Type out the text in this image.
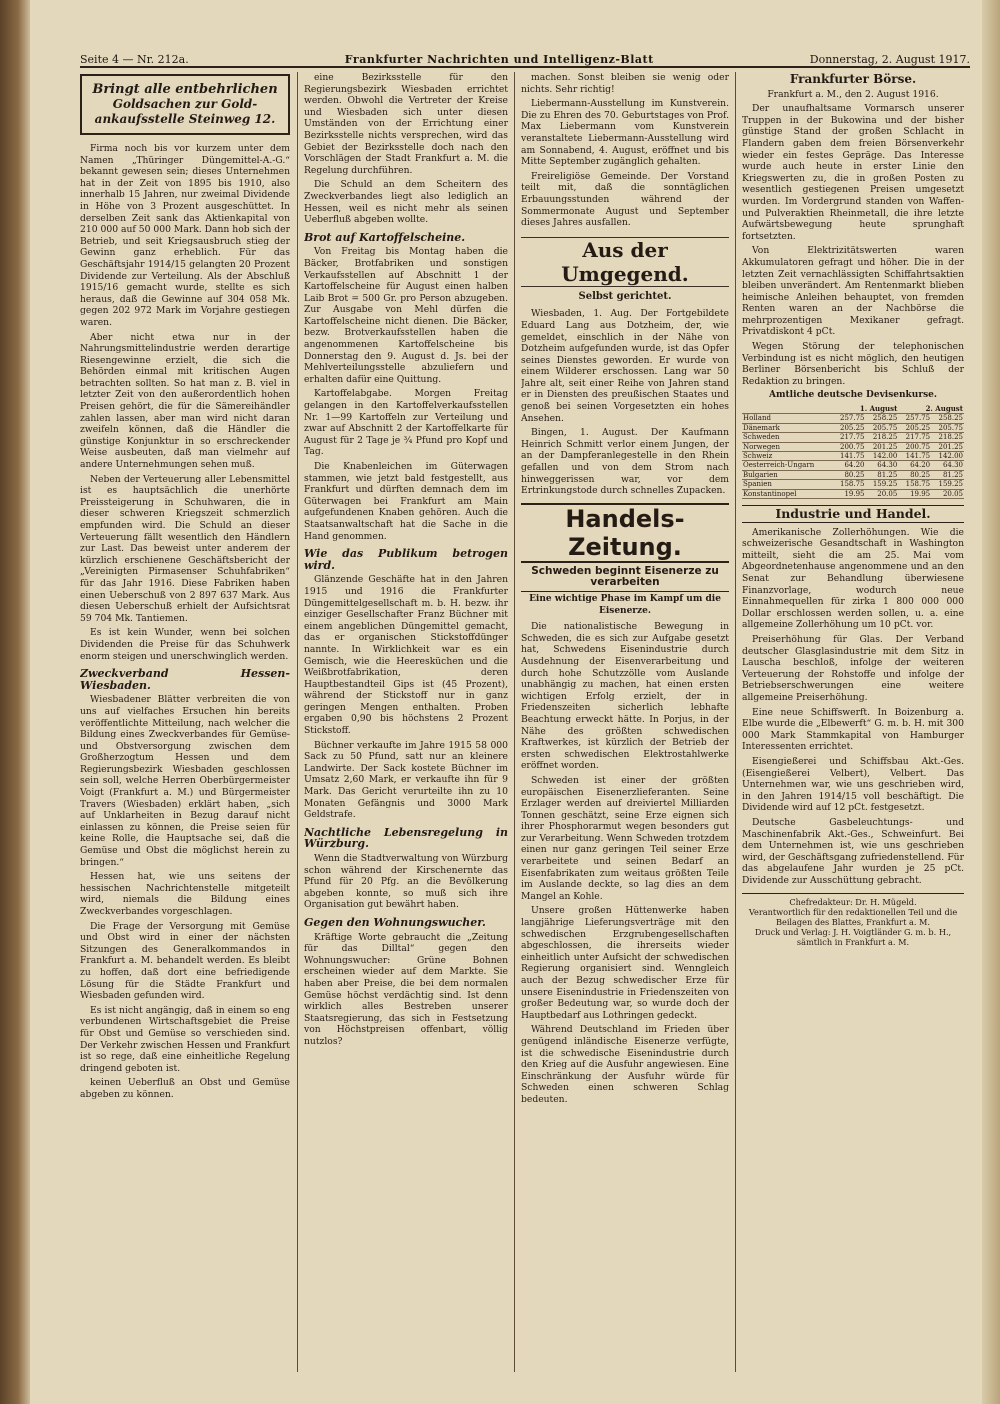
Seite 4 — Nr. 212a.	Frankfurter Nachrichten und Intelligenz-Blatt	Donnerstag, 2. August 1917.
Bringt alle entbehrlichen
Goldsachen zur Gold-
ankaufsstelle Steinweg 12.

Firma noch bis vor kurzem unter dem Namen „Thüringer Düngemittel-A.-G.“ bekannt gewesen sein; dieses Unternehmen hat in der Zeit von 1895 bis 1910, also innerhalb 15 Jahren, nur zweimal Dividende in Höhe von 3 Prozent ausgeschüttet. In derselben Zeit sank das Aktienkapital von 210 000 auf 50 000 Mark. Dann hob sich der Betrieb, und seit Kriegsausbruch stieg der Gewinn ganz erheblich. Für das Geschäftsjahr 1914/15 gelangten 20 Prozent Dividende zur Verteilung. Als der Abschluß 1915/16 gemacht wurde, stellte es sich heraus, daß die Gewinne auf 304 058 Mk. gegen 202 972 Mark im Vorjahre gestiegen waren.

Aber nicht etwa nur in der Nahrungsmittelindustrie werden derartige Riesengewinne erzielt, die sich die Behörden einmal mit kritischen Augen betrachten sollten. So hat man z. B. viel in letzter Zeit von den außerordentlich hohen Preisen gehört, die für die Sämereihändler zahlen lassen, aber man wird nicht daran zweifeln können, daß die Händler die günstige Konjunktur in so erschreckender Weise ausbeuten, daß man vielmehr auf andere Unternehmungen sehen muß.

Neben der Verteuerung aller Lebensmittel ist es hauptsächlich die unerhörte Preissteigerung in Schuhwaren, die in dieser schweren Kriegszeit schmerzlich empfunden wird. Die Schuld an dieser Verteuerung fällt wesentlich den Händlern zur Last. Das beweist unter anderem der kürzlich erschienene Geschäftsbericht der „Vereinigten Pirmasenser Schuhfabriken“ für das Jahr 1916. Diese Fabriken haben einen Ueberschuß von 2 897 637 Mark. Aus diesen Ueberschuß erhielt der Aufsichtsrat 59 704 Mk. Tantiemen.

Es ist kein Wunder, wenn bei solchen Dividenden die Preise für das Schuhwerk enorm steigen und unerschwinglich werden.

Zweckverband Hessen-Wiesbaden.

Wiesbadener Blätter verbreiten die von uns auf vielfaches Ersuchen hin bereits veröffentlichte Mitteilung, nach welcher die Bildung eines Zweckverbandes für Gemüse- und Obstversorgung zwischen dem Großherzogtum Hessen und dem Regierungsbezirk Wiesbaden geschlossen sein soll, welche Herren Oberbürgermeister Voigt (Frankfurt a. M.) und Bürgermeister Travers (Wiesbaden) erklärt haben, „sich auf Unklarheiten in Bezug darauf nicht einlassen zu können, die Preise seien für keine Rolle, die Hauptsache sei, daß die Gemüse und Obst die möglichst herein zu bringen.“

Hessen hat, wie uns seitens der hessischen Nachrichtenstelle mitgeteilt wird, niemals die Bildung eines Zweckverbandes vorgeschlagen.

Die Frage der Versorgung mit Gemüse und Obst wird in einer der nächsten Sitzungen des Generalkommandos in Frankfurt a. M. behandelt werden. Es bleibt zu hoffen, daß dort eine befriedigende Lösung für die Städte Frankfurt und Wiesbaden gefunden wird.

Es ist nicht angängig, daß in einem so eng verbundenen Wirtschaftsgebiet die Preise für Obst und Gemüse so verschieden sind. Der Verkehr zwischen Hessen und Frankfurt ist so rege, daß eine einheitliche Regelung dringend geboten ist.

keinen Ueberfluß an Obst und Gemüse abgeben zu können.

eine Bezirksstelle für den Regierungsbezirk Wiesbaden errichtet werden. Obwohl die Vertreter der Kreise und Wiesbaden sich unter diesen Umständen von der Errichtung einer Bezirksstelle nichts versprechen, wird das Gebiet der Bezirksstelle doch nach den Vorschlägen der Stadt Frankfurt a. M. die Regelung durchführen.

Die Schuld an dem Scheitern des Zweckverbandes liegt also lediglich an Hessen, weil es nicht mehr als seinen Ueberfluß abgeben wollte.

Brot auf Kartoffelscheine.

Von Freitag bis Montag haben die Bäcker, Brotfabriken und sonstigen Verkaufsstellen auf Abschnitt 1 der Kartoffelscheine für August einen halben Laib Brot = 500 Gr. pro Person abzugeben. Zur Ausgabe von Mehl dürfen die Kartoffelscheine nicht dienen. Die Bäcker, bezw. Brotverkaufsstellen haben die angenommenen Kartoffelscheine bis Donnerstag den 9. August d. Js. bei der Mehlverteilungsstelle abzuliefern und erhalten dafür eine Quittung.

Kartoffelabgabe. Morgen Freitag gelangen in den Kartoffelverkaufsstellen Nr. 1—99 Kartoffeln zur Verteilung und zwar auf Abschnitt 2 der Kartoffelkarte für August für 2 Tage je ¾ Pfund pro Kopf und Tag.

Die Knabenleichen im Güterwagen stammen, wie jetzt bald festgestellt, aus Frankfurt und dürften demnach dem im Güterwagen bei Frankfurt am Main aufgefundenen Knaben gehören. Auch die Staatsanwaltschaft hat die Sache in die Hand genommen.

Wie das Publikum betrogen wird.

Glänzende Geschäfte hat in den Jahren 1915 und 1916 die Frankfurter Düngemittelgesellschaft m. b. H. bezw. ihr einziger Gesellschafter Franz Büchner mit einem angeblichen Düngemittel gemacht, das er organischen Stickstoffdünger nannte. In Wirklichkeit war es ein Gemisch, wie die Heeresküchen und die Weißbrotfabrikation, deren Hauptbestandteil Gips ist (45 Prozent), während der Stickstoff nur in ganz geringen Mengen enthalten. Proben ergaben 0,90 bis höchstens 2 Prozent Stickstoff.

Büchner verkaufte im Jahre 1915 58 000 Sack zu 50 Pfund, satt nur an kleinere Landwirte. Der Sack kostete Büchner im Umsatz 2,60 Mark, er verkaufte ihn für 9 Mark. Das Gericht verurteilte ihn zu 10 Monaten Gefängnis und 3000 Mark Geldstrafe.

Nachtliche Lebensregelung in Würzburg.

Wenn die Stadtverwaltung von Würzburg schon während der Kirschenernte das Pfund für 20 Pfg. an die Bevölkerung abgeben konnte, so muß sich ihre Organisation gut bewährt haben.

Gegen den Wohnungswucher.

Kräftige Worte gebraucht die „Zeitung für das Dilltal“ gegen den Wohnungswucher: Grüne Bohnen erscheinen wieder auf dem Markte. Sie haben aber Preise, die bei dem normalen Gemüse höchst verdächtig sind. Ist denn wirklich alles Bestreben unserer Staatsregierung, das sich in Festsetzung von Höchstpreisen offenbart, völlig nutzlos?

machen. Sonst bleiben sie wenig oder nichts. Sehr richtig!

Liebermann-Ausstellung im Kunstverein. Die zu Ehren des 70. Geburtstages von Prof. Max Liebermann vom Kunstverein veranstaltete Liebermann-Ausstellung wird am Sonnabend, 4. August, eröffnet und bis Mitte September zugänglich gehalten.

Freireligiöse Gemeinde. Der Vorstand teilt mit, daß die sonntäglichen Erbauungsstunden während der Sommermonate August und September dieses Jahres ausfallen.

Aus der Umgegend.
Selbst gerichtet.

Wiesbaden, 1. Aug. Der Fortgebildete Eduard Lang aus Dotzheim, der, wie gemeldet, einschlich in der Nähe von Dotzheim aufgefunden wurde, ist das Opfer seines Dienstes geworden. Er wurde von einem Wilderer erschossen. Lang war 50 Jahre alt, seit einer Reihe von Jahren stand er in Diensten des preußischen Staates und genoß bei seinen Vorgesetzten ein hohes Ansehen.

Bingen, 1. August. Der Kaufmann Heinrich Schmitt verlor einem Jungen, der an der Dampferanlegestelle in den Rhein gefallen und von dem Strom nach hinweggerissen war, vor dem Ertrinkungstode durch schnelles Zupacken.

Handels-Zeitung.
Schweden beginnt Eisenerze zu verarbeiten
Eine wichtige Phase im Kampf um die Eisenerze.

Die nationalistische Bewegung in Schweden, die es sich zur Aufgabe gesetzt hat, Schwedens Eisenindustrie durch Ausdehnung der Eisenverarbeitung und durch hohe Schutzzölle vom Auslande unabhängig zu machen, hat einen ersten wichtigen Erfolg erzielt, der in Friedenszeiten sicherlich lebhafte Beachtung erweckt hätte. In Porjus, in der Nähe des größten schwedischen Kraftwerkes, ist kürzlich der Betrieb der ersten schwedischen Elektrostahlwerke eröffnet worden.

Schweden ist einer der größten europäischen Eisenerzlieferanten. Seine Erzlager werden auf dreiviertel Milliarden Tonnen geschätzt, seine Erze eignen sich ihrer Phosphorarmut wegen besonders gut zur Verarbeitung. Wenn Schweden trotzdem einen nur ganz geringen Teil seiner Erze verarbeitete und seinen Bedarf an Eisenfabrikaten zum weitaus größten Teile im Auslande deckte, so lag dies an dem Mangel an Kohle.

Unsere großen Hüttenwerke haben langjährige Lieferungsverträge mit den schwedischen Erzgrubengesellschaften abgeschlossen, die ihrerseits wieder einheitlich unter Aufsicht der schwedischen Regierung organisiert sind. Wenngleich auch der Bezug schwedischer Erze für unsere Eisenindustrie in Friedenszeiten von großer Bedeutung war, so wurde doch der Hauptbedarf aus Lothringen gedeckt.

Während Deutschland im Frieden über genügend inländische Eisenerze verfügte, ist die schwedische Eisenindustrie durch den Krieg auf die Ausfuhr angewiesen. Eine Einschränkung der Ausfuhr würde für Schweden einen schweren Schlag bedeuten.

Frankfurter Börse.

Frankfurt a. M., den 2. August 1916.

Der unaufhaltsame Vormarsch unserer Truppen in der Bukowina und der bisher günstige Stand der großen Schlacht in Flandern gaben dem freien Börsenverkehr wieder ein festes Gepräge. Das Interesse wurde auch heute in erster Linie den Kriegswerten zu, die in großen Posten zu wesentlich gestiegenen Preisen umgesetzt wurden. Im Vordergrund standen von Waffen- und Pulveraktien Rheinmetall, die ihre letzte Aufwärtsbewegung heute sprunghaft fortsetzten.

Von Elektrizitätswerten waren Akkumulatoren gefragt und höher. Die in der letzten Zeit vernachlässigten Schiffahrtsaktien bleiben unverändert. Am Rentenmarkt blieben heimische Anleihen behauptet, von fremden Renten waren an der Nachbörse die mehrprozentigen Mexikaner gefragt. Privatdiskont 4 pCt.

Wegen Störung der telephonischen Verbindung ist es nicht möglich, den heutigen Berliner Börsenbericht bis Schluß der Redaktion zu bringen.

Amtliche deutsche Devisenkurse.
	1. August		2. August	
Holland	257.75	258.25	257.75	258.25
Dänemark	205.25	205.75	205.25	205.75
Schweden	217.75	218.25	217.75	218.25
Norwegen	200.75	201.25	200.75	201.25
Schweiz	141.75	142.00	141.75	142.00
Oesterreich-Ungarn	64.20	64.30	64.20	64.30
Bulgarien	80.25	81.25	80.25	81.25
Spanien	158.75	159.25	158.75	159.25
Konstantinopel	19.95	20.05	19.95	20.05
Industrie und Handel.

Amerikanische Zollerhöhungen. Wie die schweizerische Gesandtschaft in Washington mitteilt, sieht die am 25. Mai vom Abgeordnetenhause angenommene und an den Senat zur Behandlung überwiesene Finanzvorlage, wodurch neue Einnahmequellen für zirka 1 800 000 000 Dollar erschlossen werden sollen, u. a. eine allgemeine Zollerhöhung um 10 pCt. vor.

Preiserhöhung für Glas. Der Verband deutscher Glasglasindustrie mit dem Sitz in Lauscha beschloß, infolge der weiteren Verteuerung der Rohstoffe und infolge der Betriebserschwerungen eine weitere allgemeine Preiserhöhung.

Eine neue Schiffswerft. In Boizenburg a. Elbe wurde die „Elbewerft“ G. m. b. H. mit 300 000 Mark Stammkapital von Hamburger Interessenten errichtet.

Eisengießerei und Schiffsbau Akt.-Ges. (Eisengießerei Velbert), Velbert. Das Unternehmen war, wie uns geschrieben wird, in den Jahren 1914/15 voll beschäftigt. Die Dividende wird auf 12 pCt. festgesetzt.

Deutsche Gasbeleuchtungs- und Maschinenfabrik Akt.-Ges., Schweinfurt. Bei dem Unternehmen ist, wie uns geschrieben wird, der Geschäftsgang zufriedenstellend. Für das abgelaufene Jahr wurden je 25 pCt. Dividende zur Ausschüttung gebracht.

Chefredakteur: Dr. H. Mügeld.
Verantwortlich für den redaktionellen Teil und die Beilagen des Blattes, Frankfurt a. M.
Druck und Verlag: J. H. Voigtländer G. m. b. H., sämtlich in Frankfurt a. M.
